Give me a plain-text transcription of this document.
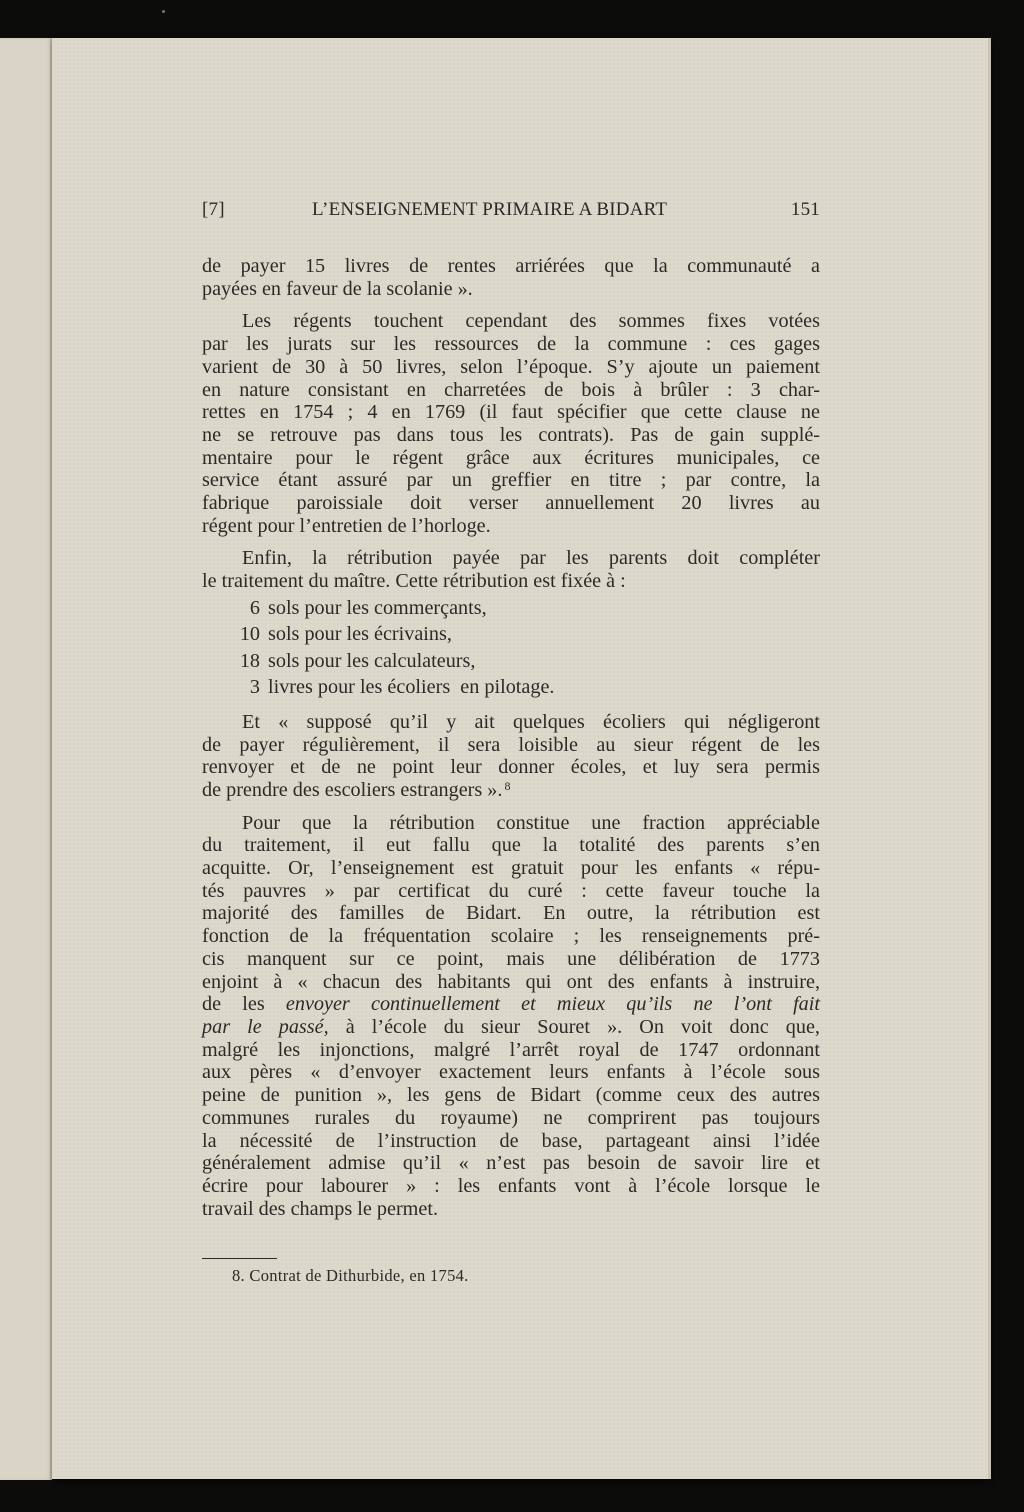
[7]	L’ENSEIGNEMENT PRIMAIRE A BIDART	151
de payer 15 livres de rentes arriérées que la communauté a
payées en faveur de la scolanie ».
Les régents touchent cependant des sommes fixes votées
par les jurats sur les ressources de la commune : ces gages
varient de 30 à 50 livres, selon l’époque. S’y ajoute un paiement
en nature consistant en charretées de bois à brûler : 3 char-
rettes en 1754 ; 4 en 1769 (il faut spécifier que cette clause ne
ne se retrouve pas dans tous les contrats). Pas de gain supplé-
mentaire pour le régent grâce aux écritures municipales, ce
service étant assuré par un greffier en titre ; par contre, la
fabrique paroissiale doit verser annuellement 20 livres au
régent pour l’entretien de l’horloge.
Enfin, la rétribution payée par les parents doit compléter
le traitement du maître. Cette rétribution est fixée à :
6 sols pour les commerçants,
10 sols pour les écrivains,
18 sols pour les calculateurs,
3 livres pour les écoliers  en pilotage.
Et « supposé qu’il y ait quelques écoliers qui négligeront
de payer régulièrement, il sera loisible au sieur régent de les
renvoyer et de ne point leur donner écoles, et luy sera permis
de prendre des escoliers estrangers ». $^8$
Pour que la rétribution constitue une fraction appréciable
du traitement, il eut fallu que la totalité des parents s’en
acquitte. Or, l’enseignement est gratuit pour les enfants « répu-
tés pauvres » par certificat du curé : cette faveur touche la
majorité des familles de Bidart. En outre, la rétribution est
fonction de la fréquentation scolaire ; les renseignements pré-
cis manquent sur ce point, mais une délibération de 1773
enjoint à « chacun des habitants qui ont des enfants à instruire,
de les envoyer continuellement et mieux qu’ils ne l’ont fait
par le passé, à l’école du sieur Souret ». On voit donc que,
malgré les injonctions, malgré l’arrêt royal de 1747 ordonnant
aux pères « d’envoyer exactement leurs enfants à l’école sous
peine de punition », les gens de Bidart (comme ceux des autres
communes rurales du royaume) ne comprirent pas toujours
la nécessité de l’instruction de base, partageant ainsi l’idée
généralement admise qu’il « n’est pas besoin de savoir lire et
écrire pour labourer » : les enfants vont à l’école lorsque le
travail des champs le permet.
8. Contrat de Dithurbide, en 1754.
